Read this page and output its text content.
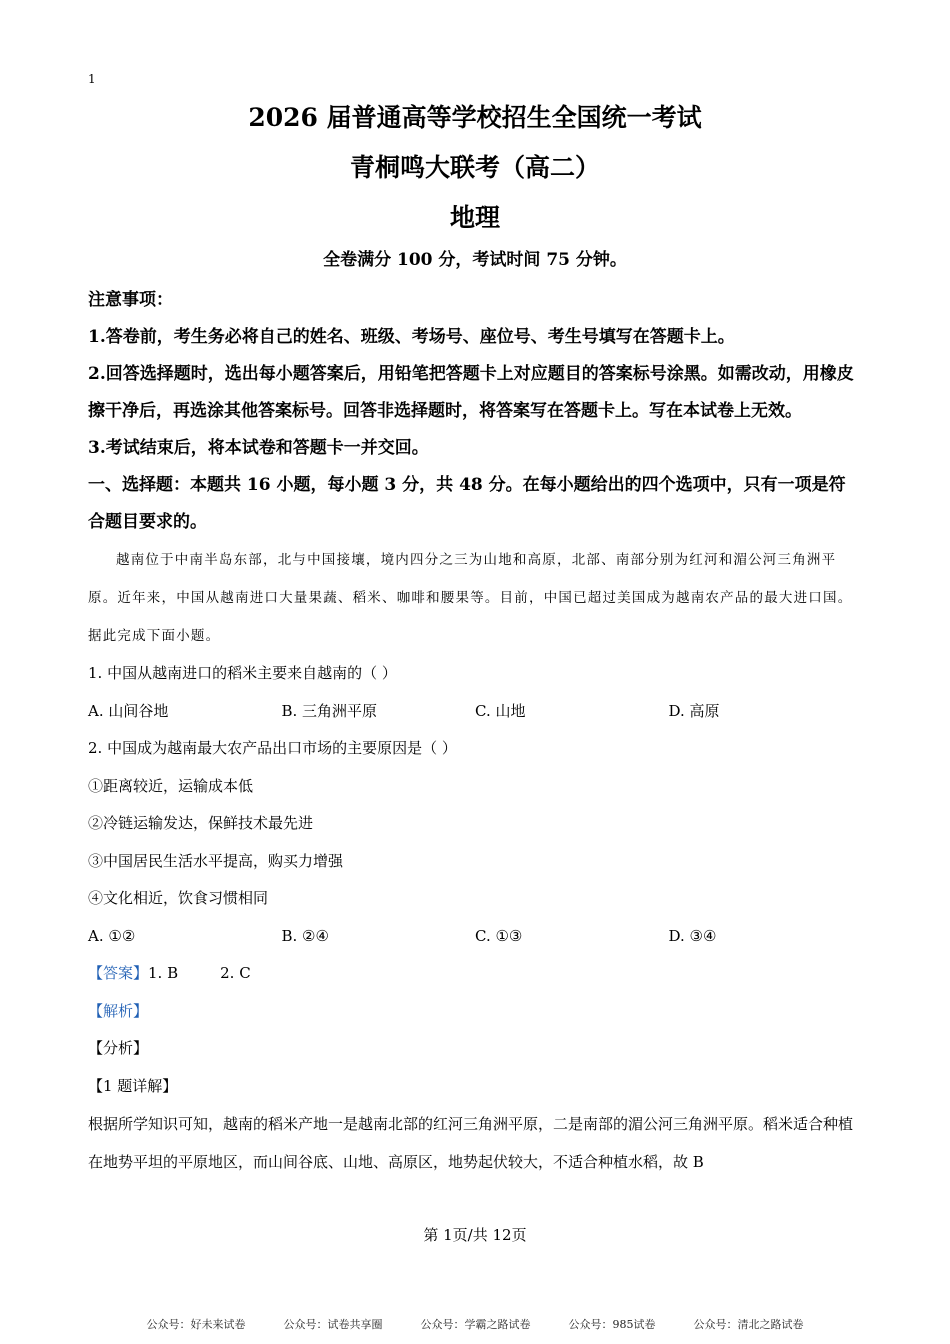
1
2026 届普通高等学校招生全国统一考试
青桐鸣大联考（高二）
地理
全卷满分 100 分，考试时间 75 分钟。
注意事项：
1.答卷前，考生务必将自己的姓名、班级、考场号、座位号、考生号填写在答题卡上。
2.回答选择题时，选出每小题答案后，用铅笔把答题卡上对应题目的答案标号涂黑。如需改动，用橡皮擦干净后，再选涂其他答案标号。回答非选择题时，将答案写在答题卡上。写在本试卷上无效。
3.考试结束后，将本试卷和答题卡一并交回。
一、选择题：本题共 16 小题，每小题 3 分，共 48 分。在每小题给出的四个选项中，只有一项是符合题目要求的。
越南位于中南半岛东部，北与中国接壤，境内四分之三为山地和高原，北部、南部分别为红河和湄公河三角洲平原。近年来，中国从越南进口大量果蔬、稻米、咖啡和腰果等。目前，中国已超过美国成为越南农产品的最大进口国。据此完成下面小题。
1. 中国从越南进口的稻米主要来自越南的（ ）
A. 山间谷地	B. 三角洲平原	C. 山地	D. 高原
2. 中国成为越南最大农产品出口市场的主要原因是（ ）
①距离较近，运输成本低
②冷链运输发达，保鲜技术最先进
③中国居民生活水平提高，购买力增强
④文化相近，饮食习惯相同
A. ①②	B. ②④	C. ①③	D. ③④
【答案】1. B	2. C
【解析】
【分析】
【1 题详解】
根据所学知识可知，越南的稻米产地一是越南北部的红河三角洲平原，二是南部的湄公河三角洲平原。稻米适合种植在地势平坦的平原地区，而山间谷底、山地、高原区，地势起伏较大，不适合种植水稻，故 B
第 1页/共 12页
公众号：好未来试卷	公众号：试卷共享圈	公众号：学霸之路试卷	公众号：985试卷	公众号：清北之路试卷
